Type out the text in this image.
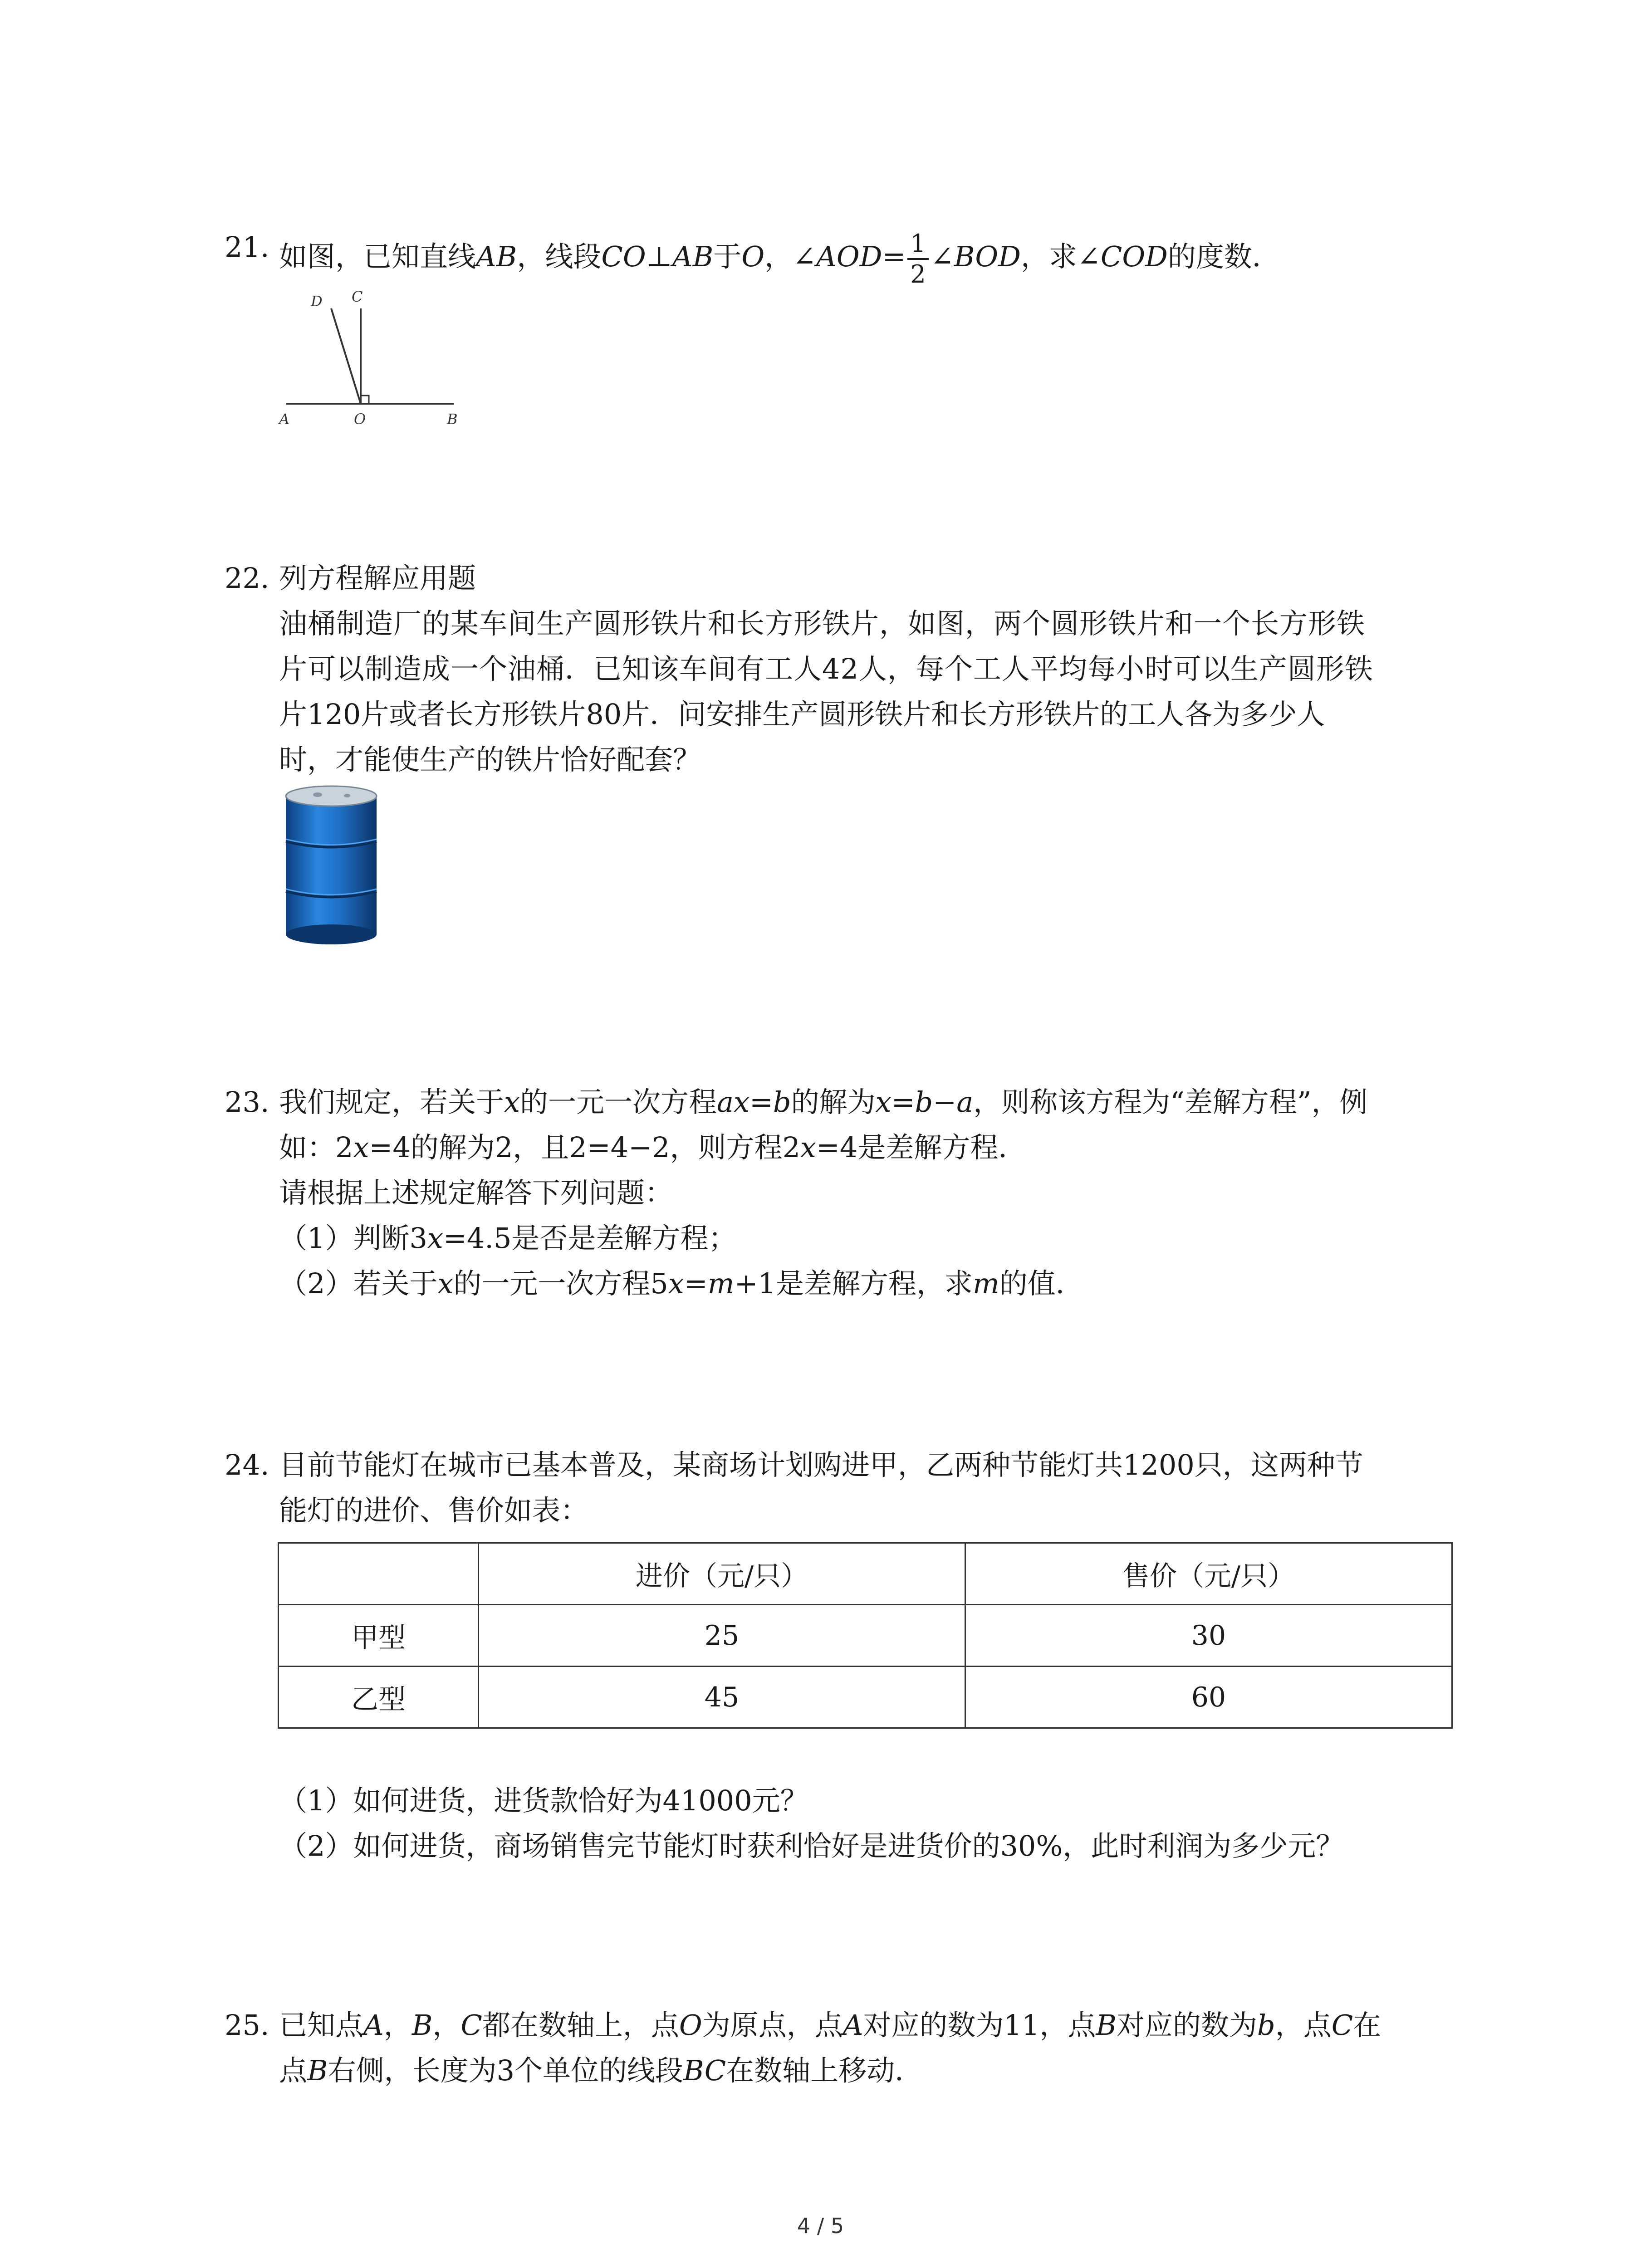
21. 如图，已知直线AB，线段CO⊥AB于O，∠AOD= $\frac{1}{2}$ ∠BOD，求∠COD的度数．
D C
A	O	B
22. 列方程解应用题
油桶制造厂的某车间生产圆形铁片和长方形铁片，如图，两个圆形铁片和一个长方形铁
片可以制造成一个油桶．已知该车间有工人42人，每个工人平均每小时可以生产圆形铁
片120片或者长方形铁片80片．问安排生产圆形铁片和长方形铁片的工人各为多少人
时，才能使生产的铁片恰好配套？
23. 我们规定，若关于x的一元一次方程ax=b的解为x=b−a，则称该方程为“差解方程”，例
如：2x=4的解为2，且2=4−2，则方程2x=4是差解方程．
请根据上述规定解答下列问题：
（1）判断3x=4.5是否是差解方程；
（2）若关于x的一元一次方程5x=m+1是差解方程，求m的值．
24. 目前节能灯在城市已基本普及，某商场计划购进甲，乙两种节能灯共1200只，这两种节
能灯的进价、售价如表：
	进价（元/只）	售价（元/只）
甲型	25	30
乙型	45	60
（1）如何进货，进货款恰好为41000元？
（2）如何进货，商场销售完节能灯时获利恰好是进货价的30%，此时利润为多少元？
25. 已知点A，B，C都在数轴上，点O为原点，点A对应的数为11，点B对应的数为b，点C在
点B右侧，长度为3个单位的线段BC在数轴上移动．
4 / 5
